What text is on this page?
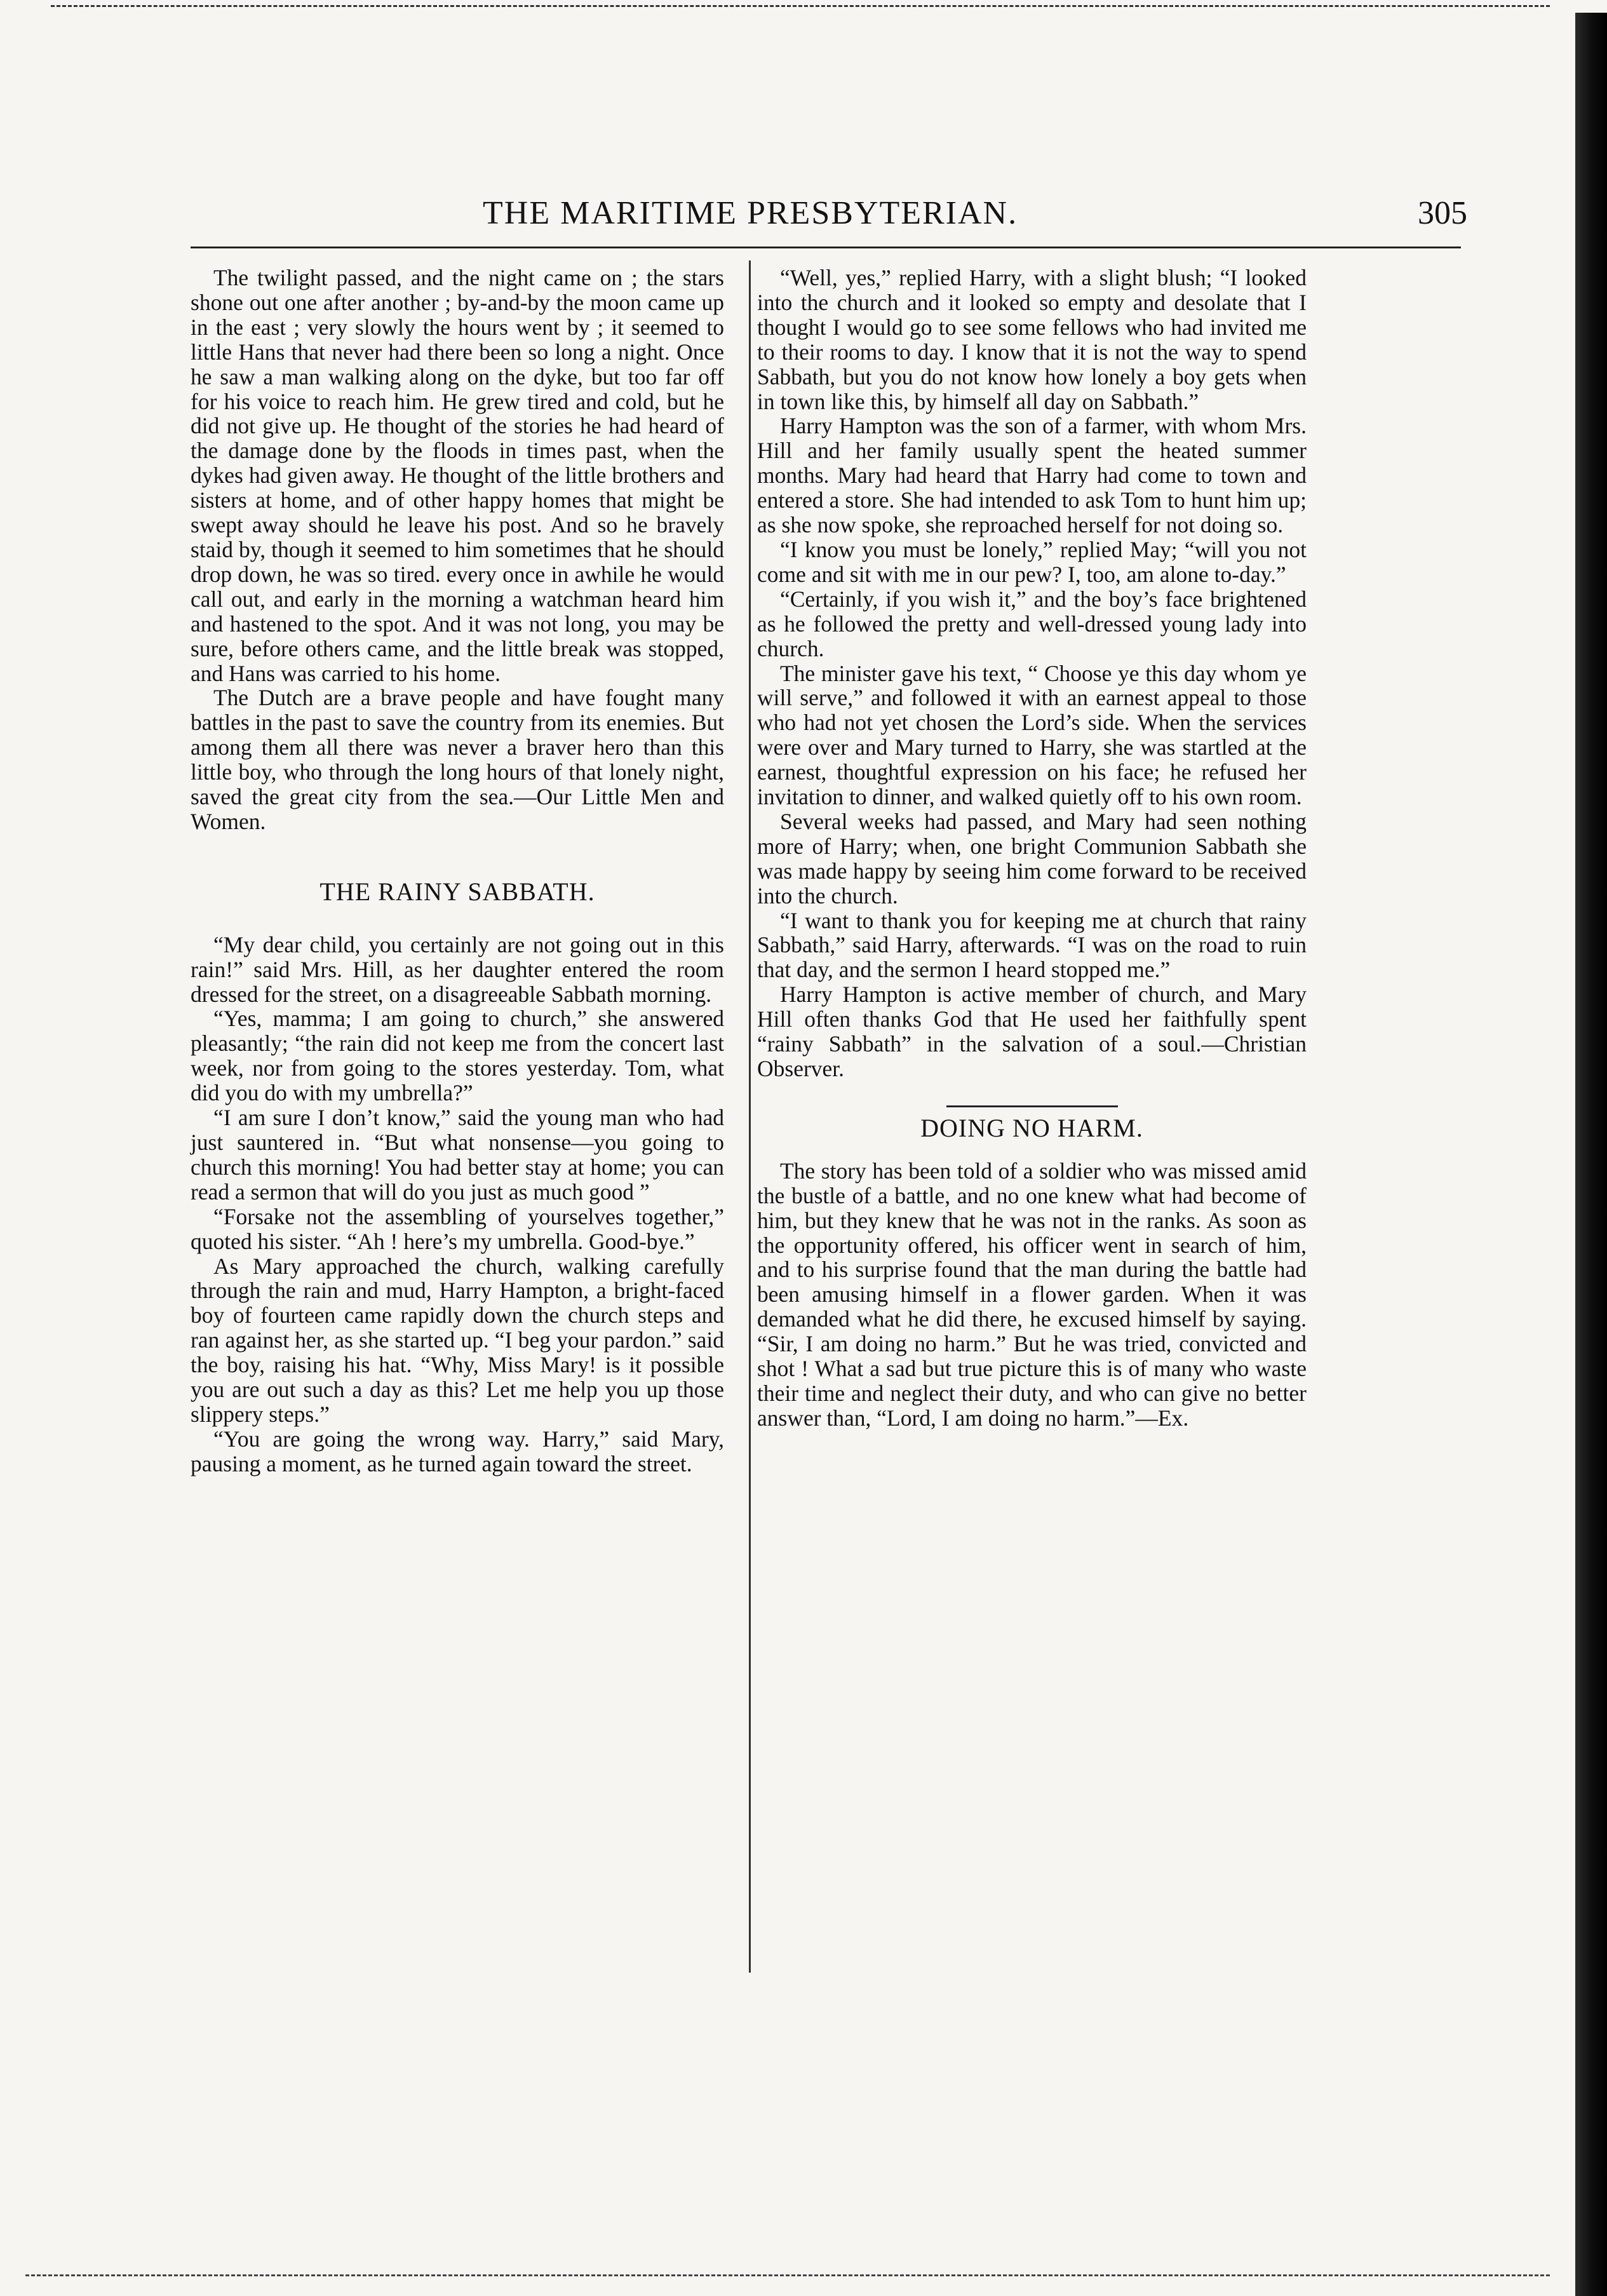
THE MARITIME PRESBYTERIAN.	305

The twilight passed, and the night came on ; the stars shone out one after another ; by-and-by the moon came up in the east ; very slowly the hours went by ; it seemed to little Hans that never had there been so long a night. Once he saw a man walking along on the dyke, but too far off for his voice to reach him. He grew tired and cold, but he did not give up. He thought of the stories he had heard of the damage done by the floods in times past, when the dykes had given away. He thought of the little brothers and sisters at home, and of other happy homes that might be swept away should he leave his post. And so he bravely staid by, though it seemed to him sometimes that he should drop down, he was so tired. every once in awhile he would call out, and early in the morning a watchman heard him and hastened to the spot. And it was not long, you may be sure, before others came, and the little break was stopped, and Hans was carried to his home.

The Dutch are a brave people and have fought many battles in the past to save the country from its enemies. But among them all there was never a braver hero than this little boy, who through the long hours of that lonely night, saved the great city from the sea.—Our Little Men and Women.

THE RAINY SABBATH.

“My dear child, you certainly are not going out in this rain!” said Mrs. Hill, as her daughter entered the room dressed for the street, on a disagreeable Sabbath morning.

“Yes, mamma; I am going to church,” she answered pleasantly; “the rain did not keep me from the concert last week, nor from going to the stores yesterday. Tom, what did you do with my umbrella?”

“I am sure I don’t know,” said the young man who had just sauntered in. “But what nonsense—you going to church this morning! You had better stay at home; you can read a sermon that will do you just as much good ”

“Forsake not the assembling of yourselves together,” quoted his sister. “Ah ! here’s my umbrella. Good-bye.”

As Mary approached the church, walking carefully through the rain and mud, Harry Hampton, a bright-faced boy of fourteen came rapidly down the church steps and ran against her, as she started up. “I beg your pardon.” said the boy, raising his hat. “Why, Miss Mary! is it possible you are out such a day as this? Let me help you up those slippery steps.”

“You are going the wrong way. Harry,” said Mary, pausing a moment, as he turned again toward the street.

“Well, yes,” replied Harry, with a slight blush; “I looked into the church and it looked so empty and desolate that I thought I would go to see some fellows who had invited me to their rooms to day. I know that it is not the way to spend Sabbath, but you do not know how lonely a boy gets when in town like this, by himself all day on Sabbath.”

Harry Hampton was the son of a farmer, with whom Mrs. Hill and her family usually spent the heated summer months. Mary had heard that Harry had come to town and entered a store. She had intended to ask Tom to hunt him up; as she now spoke, she reproached herself for not doing so.

“I know you must be lonely,” replied May; “will you not come and sit with me in our pew? I, too, am alone to-day.”

“Certainly, if you wish it,” and the boy’s face brightened as he followed the pretty and well-dressed young lady into church.

The minister gave his text, “ Choose ye this day whom ye will serve,” and followed it with an earnest appeal to those who had not yet chosen the Lord’s side. When the services were over and Mary turned to Harry, she was startled at the earnest, thoughtful expression on his face; he refused her invitation to dinner, and walked quietly off to his own room.

Several weeks had passed, and Mary had seen nothing more of Harry; when, one bright Communion Sabbath she was made happy by seeing him come forward to be received into the church.

“I want to thank you for keeping me at church that rainy Sabbath,” said Harry, afterwards. “I was on the road to ruin that day, and the sermon I heard stopped me.”

Harry Hampton is active member of church, and Mary Hill often thanks God that He used her faithfully spent “rainy Sabbath” in the salvation of a soul.—Christian Observer.

DOING NO HARM.

The story has been told of a soldier who was missed amid the bustle of a battle, and no one knew what had become of him, but they knew that he was not in the ranks. As soon as the opportunity offered, his officer went in search of him, and to his surprise found that the man during the battle had been amusing himself in a flower garden. When it was demanded what he did there, he excused himself by saying. “Sir, I am doing no harm.” But he was tried, convicted and shot ! What a sad but true picture this is of many who waste their time and neglect their duty, and who can give no better answer than, “Lord, I am doing no harm.”—Ex.
